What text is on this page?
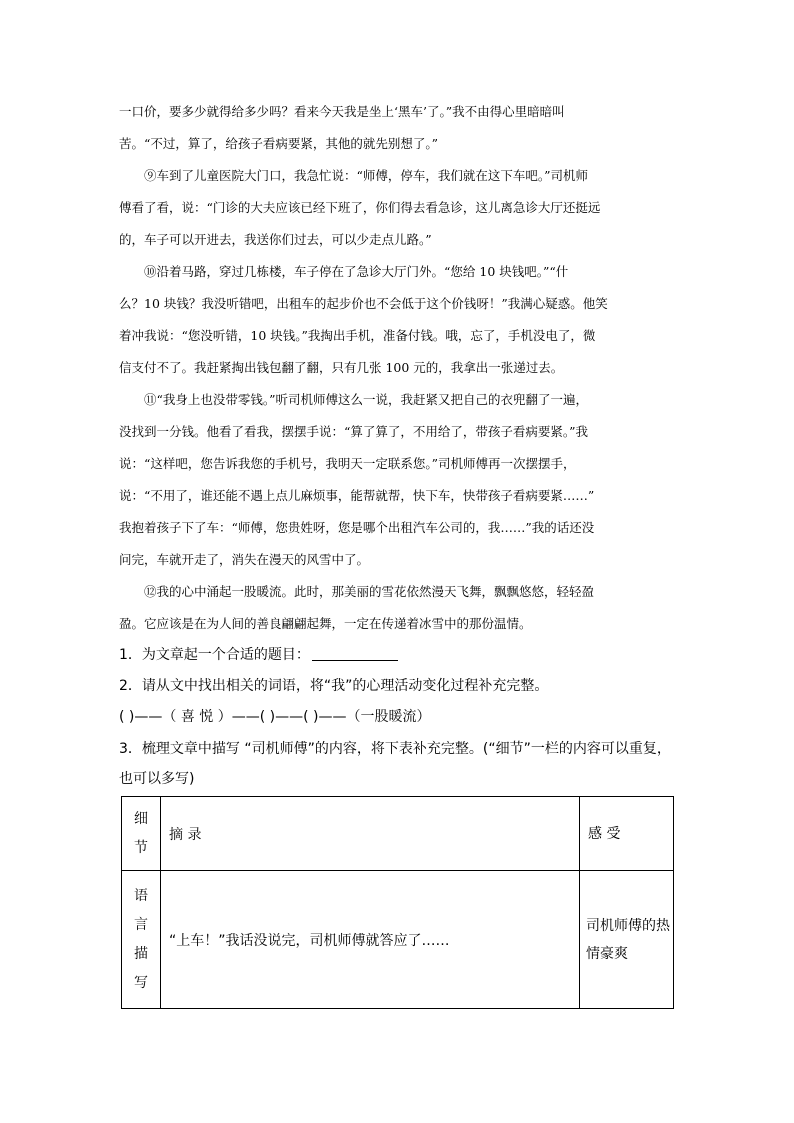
一口价，要多少就得给多少吗？看来今天我是坐上‘黑车’了。”我不由得心里暗暗叫
苦。“不过，算了，给孩子看病要紧，其他的就先别想了。”
⑨车到了儿童医院大门口，我急忙说：“师傅，停车，我们就在这下车吧。”司机师
傅看了看，说：“门诊的大夫应该已经下班了，你们得去看急诊，这儿离急诊大厅还挺远
的，车子可以开进去，我送你们过去，可以少走点儿路。”
⑩沿着马路，穿过几栋楼，车子停在了急诊大厅门外。“您给 10 块钱吧。”“什
么？10 块钱？我没听错吧，出租车的起步价也不会低于这个价钱呀！”我满心疑惑。他笑
着冲我说：“您没听错，10 块钱。”我掏出手机，准备付钱。哦，忘了，手机没电了，微
信支付不了。我赶紧掏出钱包翻了翻，只有几张 100 元的，我拿出一张递过去。
⑪“我身上也没带零钱。”听司机师傅这么一说，我赶紧又把自己的衣兜翻了一遍，
没找到一分钱。他看了看我，摆摆手说：“算了算了，不用给了，带孩子看病要紧。”我
说：“这样吧，您告诉我您的手机号，我明天一定联系您。”司机师傅再一次摆摆手，
说：“不用了，谁还能不遇上点儿麻烦事，能帮就帮，快下车，快带孩子看病要紧……”
我抱着孩子下了车：“师傅，您贵姓呀，您是哪个出租汽车公司的，我……”我的话还没
问完，车就开走了，消失在漫天的风雪中了。
⑫我的心中涌起一股暖流。此时，那美丽的雪花依然漫天飞舞，飘飘悠悠，轻轻盈
盈。它应该是在为人间的善良翩翩起舞，一定在传递着冰雪中的那份温情。
1．为文章起一个合适的题目：
2．请从文中找出相关的词语，将“我”的心理活动变化过程补充完整。
( )——（ 喜 悦 ）——( )——( )——（一股暖流）
3．梳理文章中描写 “司机师傅”的内容，将下表补充完整。(“细节”一栏的内容可以重复，
也可以多写)
细节	摘 录	感 受
语言描写	“上车！”我话没说完，司机师傅就答应了……	司机师傅的热情豪爽
